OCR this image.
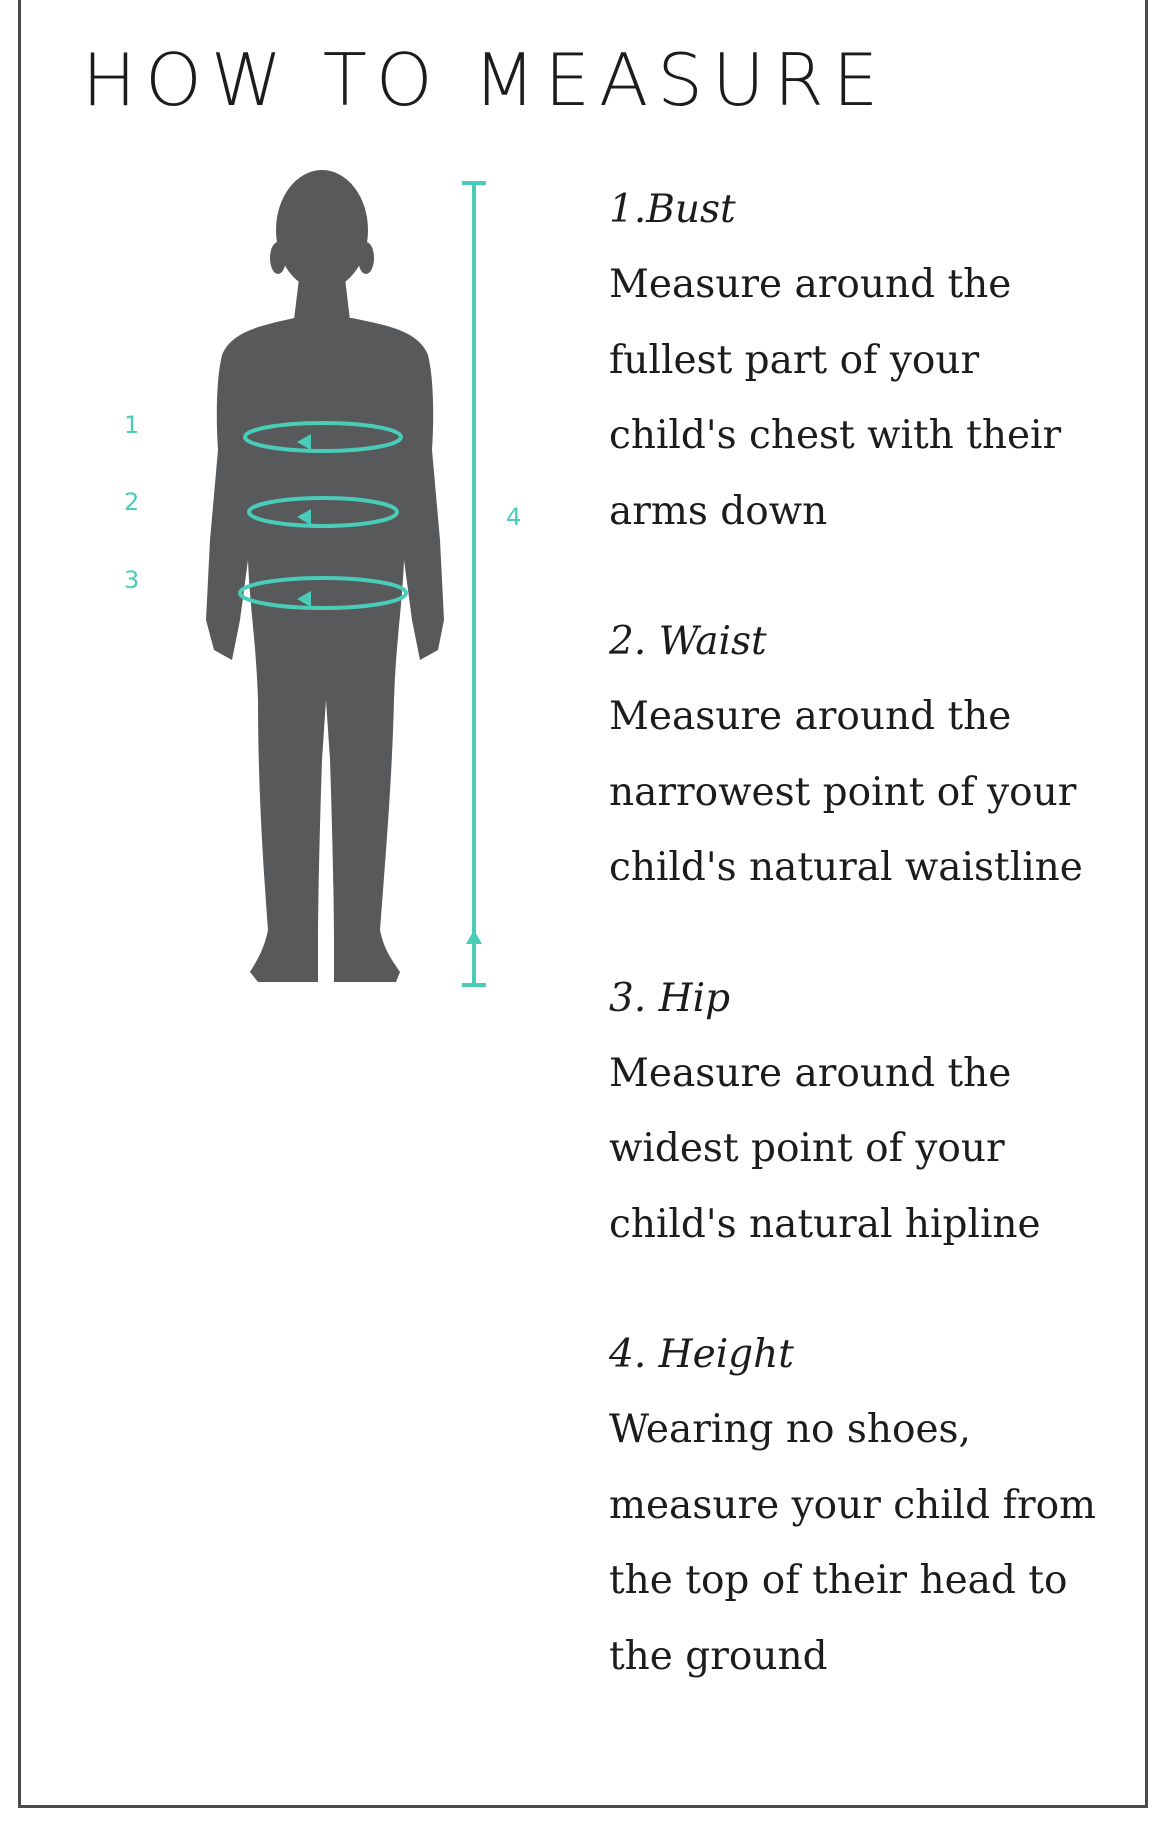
HOW TO MEASURE
1
2
3
4

1.Bust

Measure around the
fullest part of your
child's chest with their
arms down

2. Waist

Measure around the
narrowest point of your
child's natural waistline

3. Hip

Measure around the
widest point of your
child's natural hipline

4. Height

Wearing no shoes,
measure your child from
the top of their head to
the ground
